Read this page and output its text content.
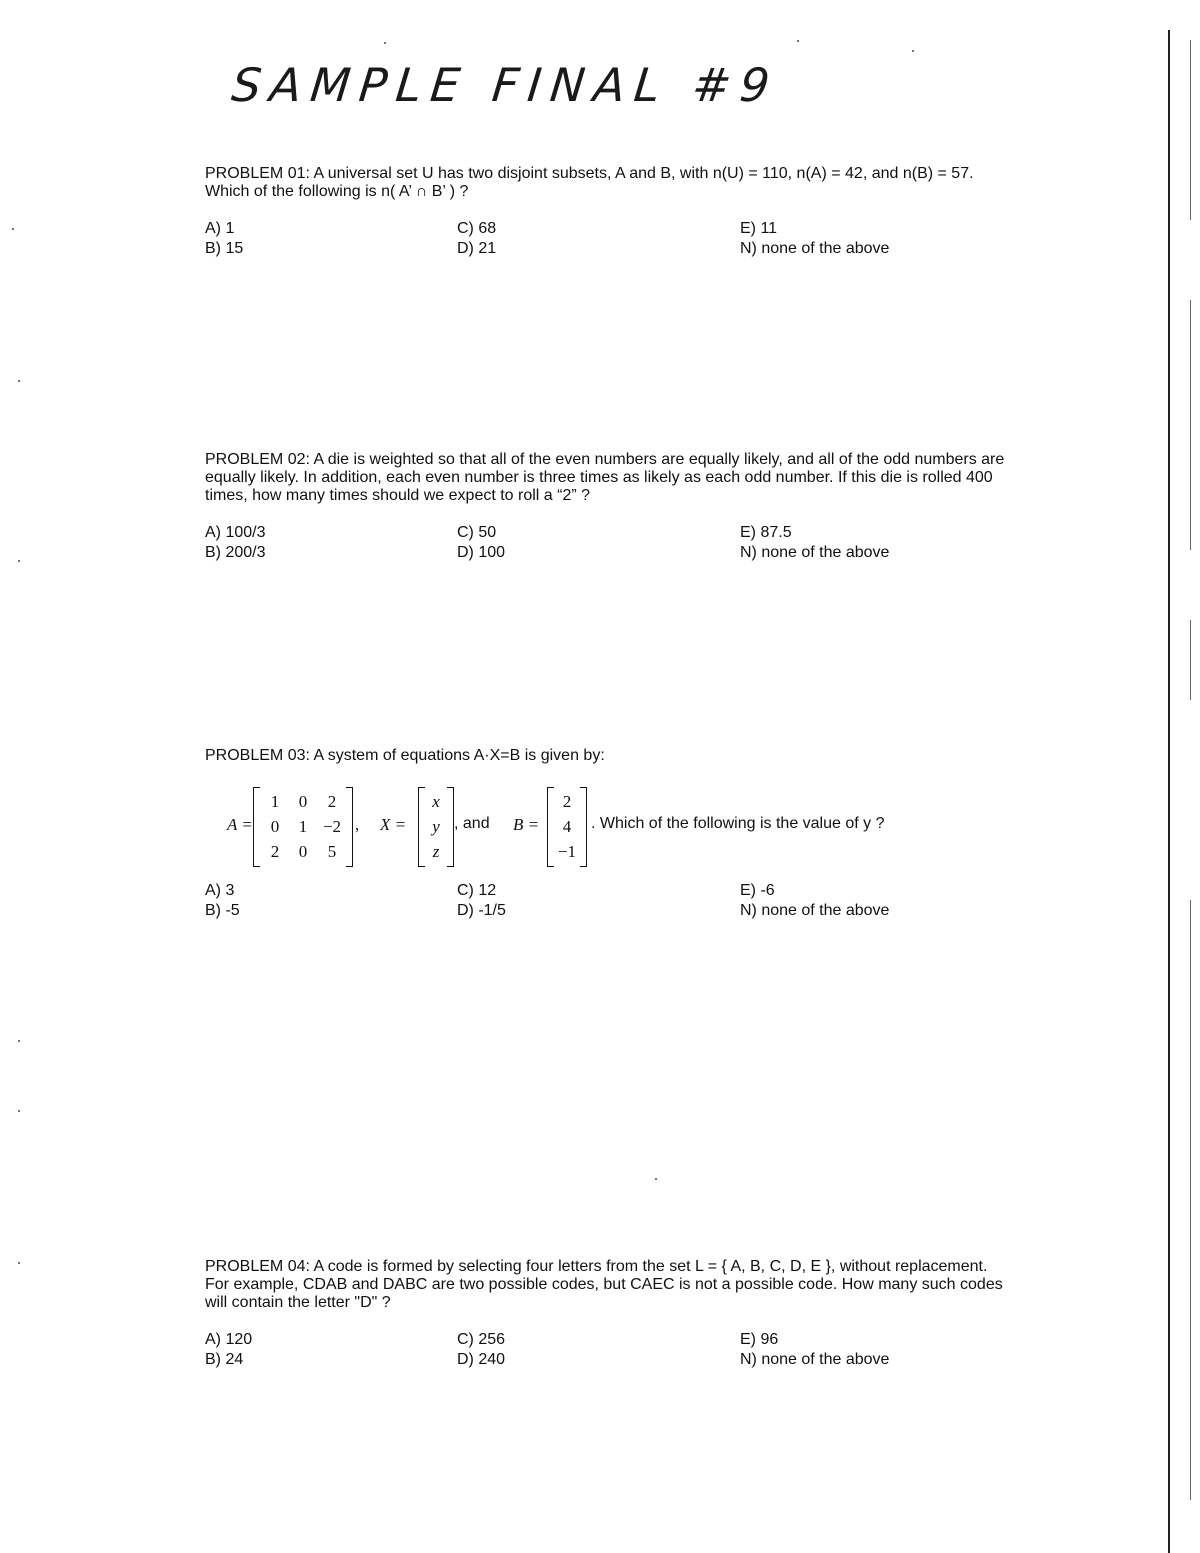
SAMPLE FINAL #9

PROBLEM 01: A universal set U has two disjoint subsets, A and B, with n(U) = 110, n(A) = 42, and n(B) = 57. Which of the following is n( A’ ∩ B’ ) ?

A) 1
B) 15
C) 68
D) 21
E) 11
N) none of the above

PROBLEM 02: A die is weighted so that all of the even numbers are equally likely, and all of the odd numbers are equally likely. In addition, each even number is three times as likely as each odd number. If this die is rolled 400 times, how many times should we expect to roll a “2” ?

A) 100/3
B) 200/3
C) 50
D) 100
E) 87.5
N) none of the above

PROBLEM 03: A system of equations A·X=B is given by:

A =
1	0	2
0	1	−2
2	0	5
, X =
x
y
z
, and B =
2
4
−1
. Which of the following is the value of y ?
A) 3
B) -5
C) 12
D) -1/5
E) -6
N) none of the above

PROBLEM 04: A code is formed by selecting four letters from the set L = { A, B, C, D, E }, without replacement. For example, CDAB and DABC are two possible codes, but CAEC is not a possible code. How many such codes will contain the letter "D" ?

A) 120
B) 24
C) 256
D) 240
E) 96
N) none of the above
